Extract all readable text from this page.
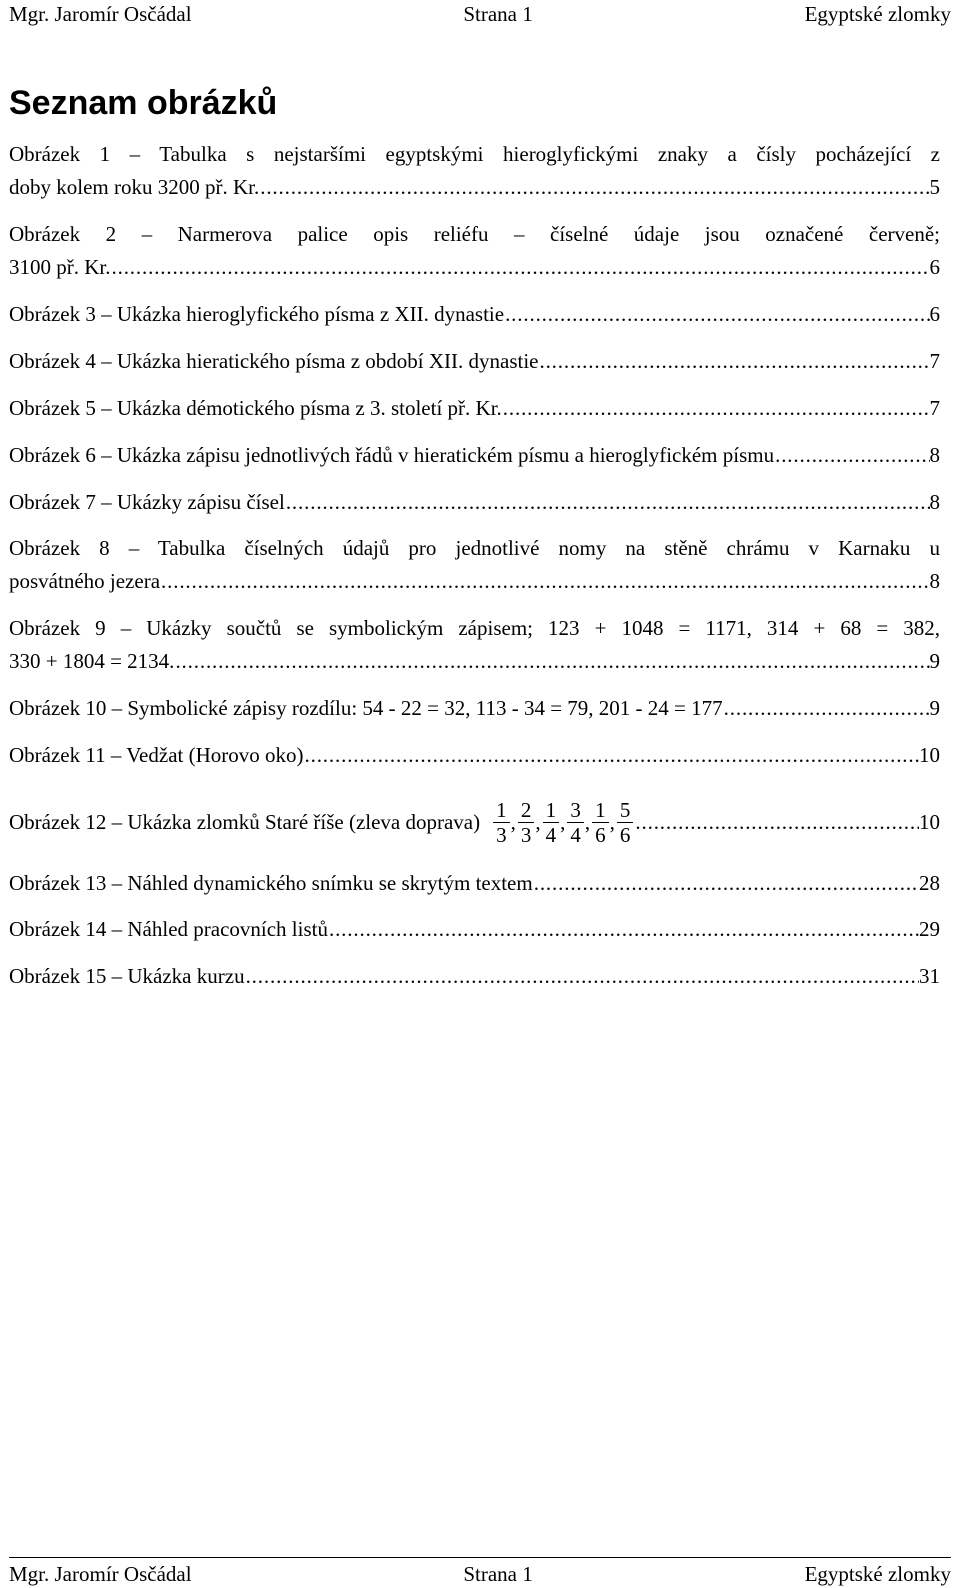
Mgr. Jaromír Osčádal	Strana 1	Egyptské zlomky
Seznam obrázků
Obrázek 1 – Tabulka s nejstaršími egyptskými hieroglyfickými znaky a čísly pocházející z
doby kolem roku 3200 př. Kr. . . .	5
Obrázek 2 – Narmerova palice opis reliéfu – číselné údaje jsou označené červeně;
3100 př. Kr. . . .	6
Obrázek 3 – Ukázka hieroglyfického písma z XII. dynastie . . .	6
Obrázek 4 – Ukázka hieratického písma z období XII. dynastie . . .	7
Obrázek 5 – Ukázka démotického písma z 3. století př. Kr. . . .	7
Obrázek 6 – Ukázka zápisu jednotlivých řádů v hieratickém písmu a hieroglyfickém písmu . . .	8
Obrázek 7 – Ukázky zápisu čísel . . .	8
Obrázek 8 – Tabulka číselných údajů pro jednotlivé nomy na stěně chrámu v Karnaku u
posvátného jezera . . .	8
Obrázek 9 – Ukázky součtů se symbolickým zápisem; 123 + 1048 = 1171, 314 + 68 = 382,
330 + 1804 = 2134. . . .	9
Obrázek 10 – Symbolické zápisy rozdílu: 54 - 22 = 32, 113 - 34 = 79, 201 - 24 = 177 . . .	9
Obrázek 11 – Vedžat (Horovo oko) . . .	10
Obrázek 12 – Ukázka zlomků Staré říše (zleva doprava) $\frac{1}{3}$ , $\frac{2}{3}$ , $\frac{1}{4}$ , $\frac{3}{4}$ , $\frac{1}{6}$ , $\frac{5}{6}$ . . .	10
Obrázek 13 – Náhled dynamického snímku se skrytým textem . . .	28
Obrázek 14 – Náhled pracovních listů . . .	29
Obrázek 15 – Ukázka kurzu . . .	31
Mgr. Jaromír Osčádal	Strana 1	Egyptské zlomky
